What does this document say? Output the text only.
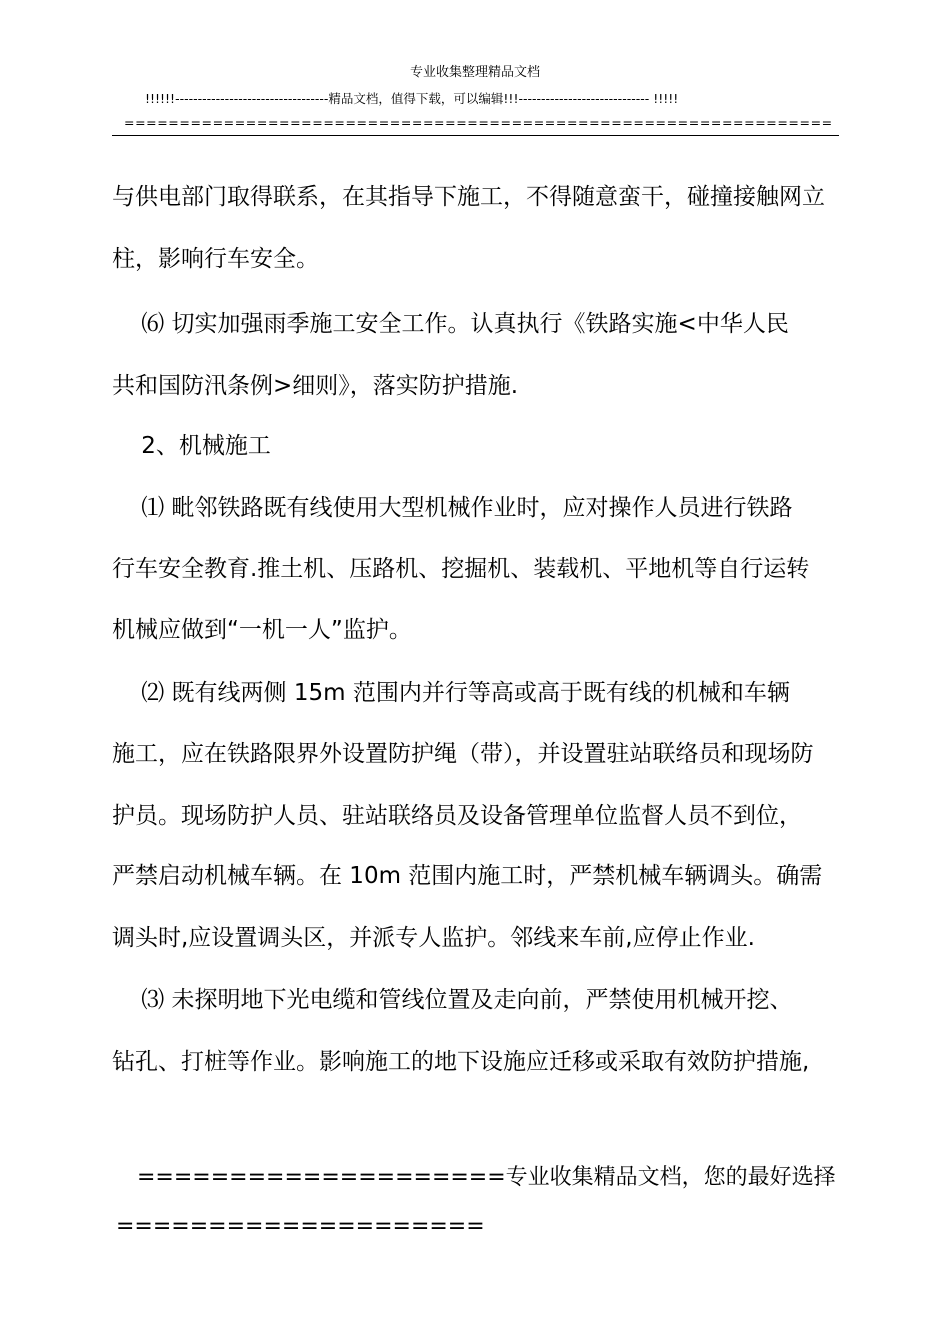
专业收集整理精品文档
!!!!!!----------------------------------精品文档，值得下载，可以编辑!!!----------------------------- !!!!!
================================================================
与供电部门取得联系，在其指导下施工，不得随意蛮干，碰撞接触网立
柱，影响行车安全。
⑹ 切实加强雨季施工安全工作。认真执行《铁路实施<中华人民
共和国防汛条例>细则》，落实防护措施.
2、机械施工
⑴ 毗邻铁路既有线使用大型机械作业时，应对操作人员进行铁路
行车安全教育.推土机、压路机、挖掘机、装载机、平地机等自行运转
机械应做到“一机一人”监护。
⑵ 既有线两侧 15m 范围内并行等高或高于既有线的机械和车辆
施工，应在铁路限界外设置防护绳（带），并设置驻站联络员和现场防
护员。现场防护人员、驻站联络员及设备管理单位监督人员不到位，
严禁启动机械车辆。在 10m 范围内施工时，严禁机械车辆调头。确需
调头时,应设置调头区，并派专人监护。邻线来车前,应停止作业.
⑶ 未探明地下光电缆和管线位置及走向前，严禁使用机械开挖、
钻孔、打桩等作业。影响施工的地下设施应迁移或采取有效防护措施,
====================专业收集精品文档，您的最好选择
====================
